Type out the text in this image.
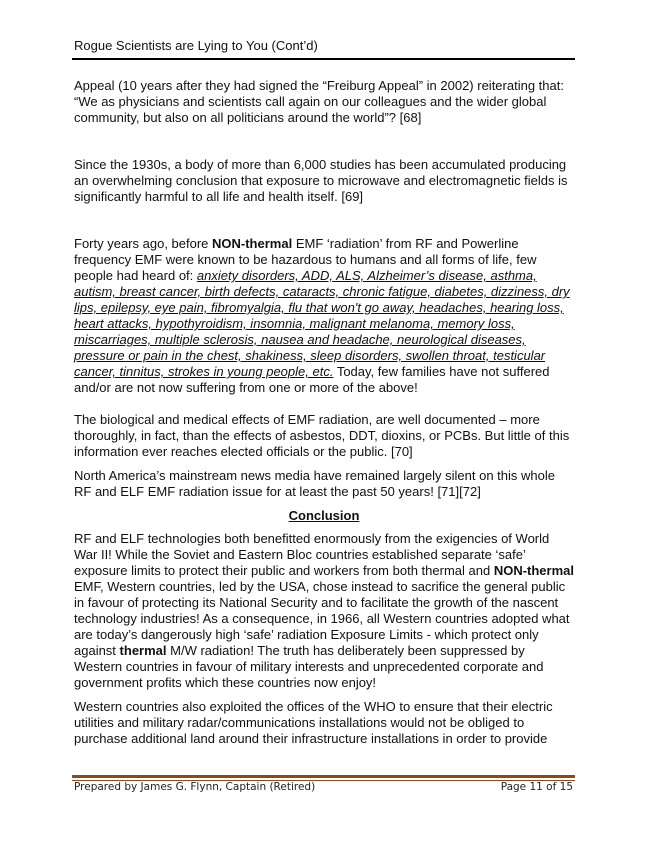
Rogue Scientists are Lying to You (Cont’d)

Appeal (10 years after they had signed the “Freiburg Appeal” in 2002) reiterating that: “We as physicians and scientists call again on our colleagues and the wider global community, but also on all politicians around the world”? [68]

Since the 1930s, a body of more than 6,000 studies has been accumulated producing an overwhelming conclusion that exposure to microwave and electromagnetic fields is significantly harmful to all life and health itself. [69]

Forty years ago, before NON-thermal EMF ‘radiation’ from RF and Powerline frequency EMF were known to be hazardous to humans and all forms of life, few people had heard of: anxiety disorders, ADD, ALS, Alzheimer’s disease, asthma, autism, breast cancer, birth defects, cataracts, chronic fatigue, diabetes, dizziness, dry lips, epilepsy, eye pain, fibromyalgia, flu that won't go away, headaches, hearing loss, heart attacks, hypothyroidism, insomnia, malignant melanoma, memory loss, miscarriages, multiple sclerosis, nausea and headache, neurological diseases, pressure or pain in the chest, shakiness, sleep disorders, swollen throat, testicular cancer, tinnitus, strokes in young people, etc. Today, few families have not suffered and/or are not now suffering from one or more of the above!

The biological and medical effects of EMF radiation, are well documented – more thoroughly, in fact, than the effects of asbestos, DDT, dioxins, or PCBs. But little of this information ever reaches elected officials or the public. [70]

North America’s mainstream news media have remained largely silent on this whole RF and ELF EMF radiation issue for at least the past 50 years! [71][72]

Conclusion

RF and ELF technologies both benefitted enormously from the exigencies of World War II! While the Soviet and Eastern Bloc countries established separate ‘safe’ exposure limits to protect their public and workers from both thermal and NON-thermal EMF, Western countries, led by the USA, chose instead to sacrifice the general public in favour of protecting its National Security and to facilitate the growth of the nascent technology industries! As a consequence, in 1966, all Western countries adopted what are today’s dangerously high ‘safe’ radiation Exposure Limits - which protect only against thermal M/W radiation! The truth has deliberately been suppressed by Western countries in favour of military interests and unprecedented corporate and government profits which these countries now enjoy!

Western countries also exploited the offices of the WHO to ensure that their electric utilities and military radar/communications installations would not be obliged to purchase additional land around their infrastructure installations in order to provide

Prepared by James G. Flynn, Captain (Retired)	Page 11 of 15
